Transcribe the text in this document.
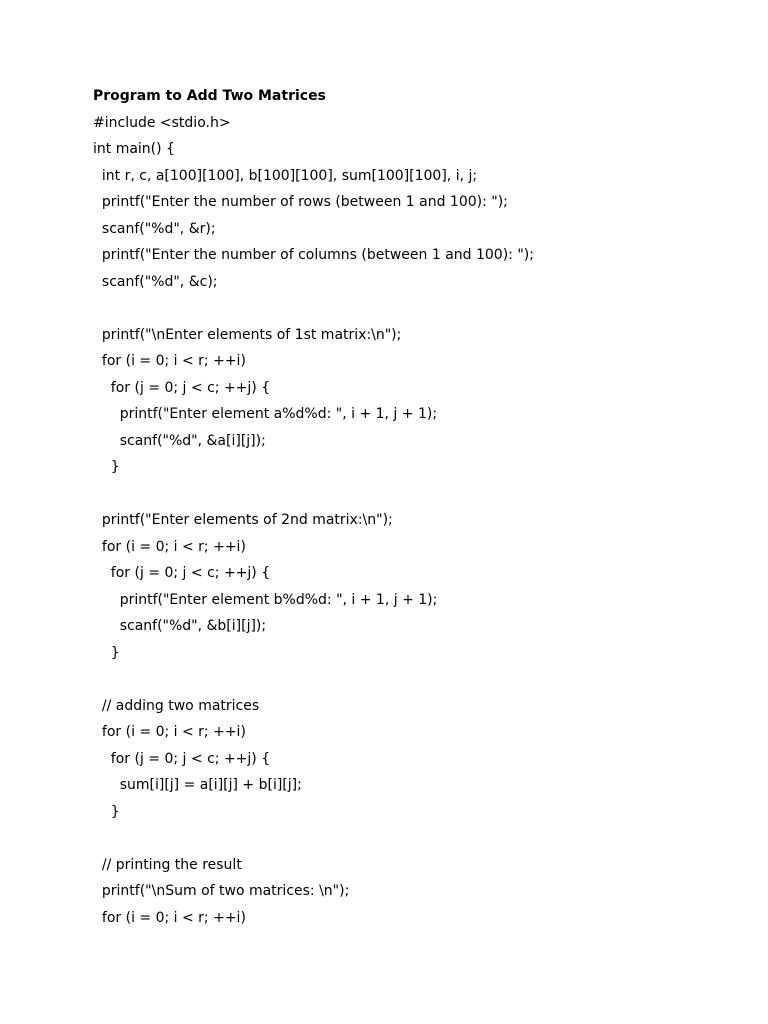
Program to Add Two Matrices
#include <stdio.h>
int main() {
int r, c, a[100][100], b[100][100], sum[100][100], i, j;
printf("Enter the number of rows (between 1 and 100): ");
scanf("%d", &r);
printf("Enter the number of columns (between 1 and 100): ");
scanf("%d", &c);
printf("\nEnter elements of 1st matrix:\n");
for (i = 0; i < r; ++i)
for (j = 0; j < c; ++j) {
printf("Enter element a%d%d: ", i + 1, j + 1);
scanf("%d", &a[i][j]);
}
printf("Enter elements of 2nd matrix:\n");
for (i = 0; i < r; ++i)
for (j = 0; j < c; ++j) {
printf("Enter element b%d%d: ", i + 1, j + 1);
scanf("%d", &b[i][j]);
}
// adding two matrices
for (i = 0; i < r; ++i)
for (j = 0; j < c; ++j) {
sum[i][j] = a[i][j] + b[i][j];
}
// printing the result
printf("\nSum of two matrices: \n");
for (i = 0; i < r; ++i)
